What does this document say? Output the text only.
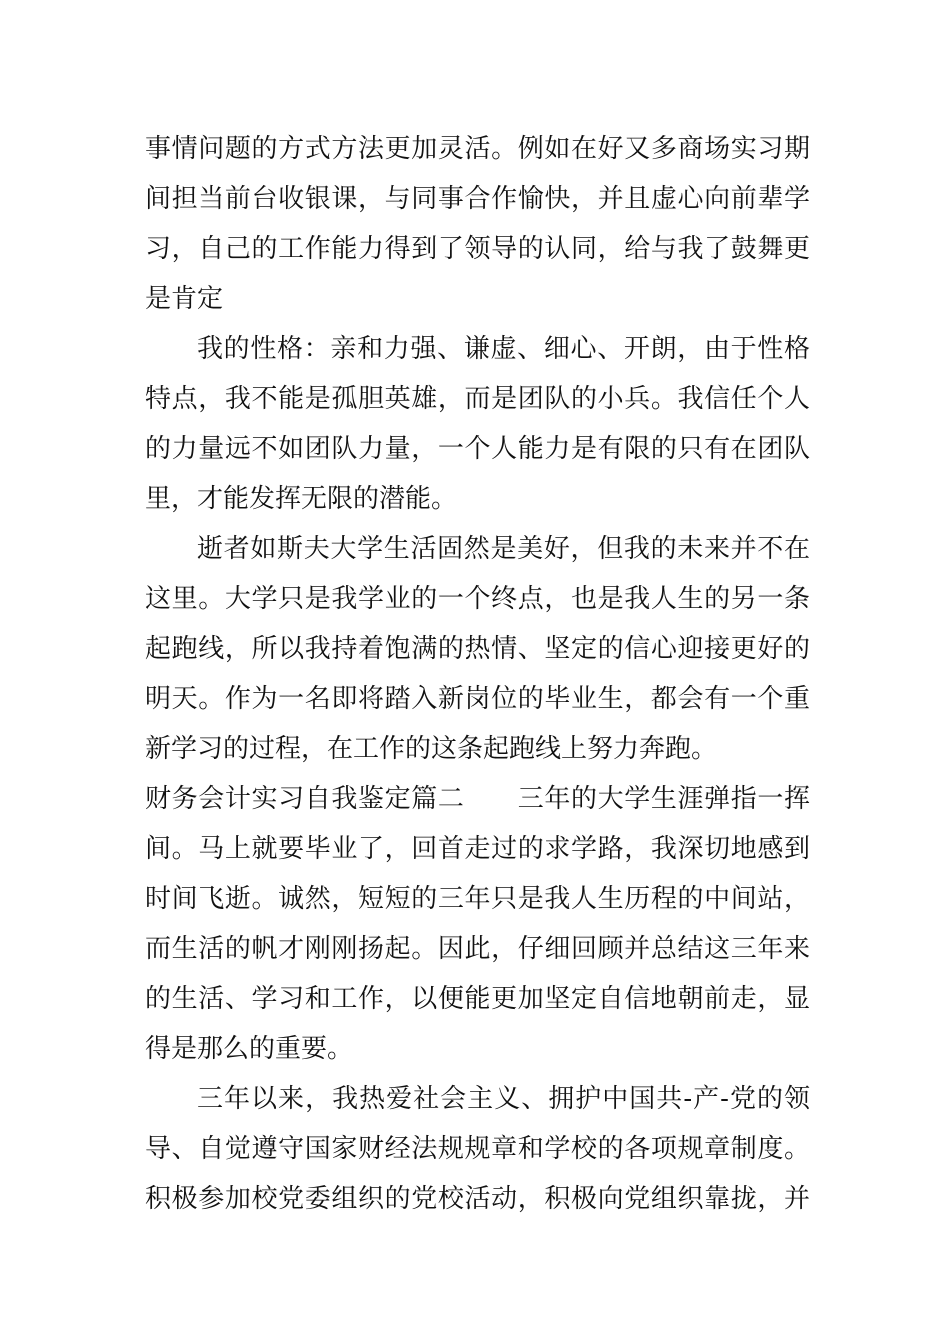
事情问题的方式方法更加灵活。例如在好又多商场实习期
间担当前台收银课，与同事合作愉快，并且虚心向前辈学
习，自己的工作能力得到了领导的认同，给与我了鼓舞更
是肯定
我的性格：亲和力强、谦虚、细心、开朗，由于性格
特点，我不能是孤胆英雄，而是团队的小兵。我信任个人
的力量远不如团队力量，一个人能力是有限的只有在团队
里，才能发挥无限的潜能。
逝者如斯夫大学生活固然是美好，但我的未来并不在
这里。大学只是我学业的一个终点，也是我人生的另一条
起跑线，所以我持着饱满的热情、坚定的信心迎接更好的
明天。作为一名即将踏入新岗位的毕业生，都会有一个重
新学习的过程，在工作的这条起跑线上努力奔跑。
财务会计实习自我鉴定篇二　　三年的大学生涯弹指一挥
间。马上就要毕业了，回首走过的求学路，我深切地感到
时间飞逝。诚然，短短的三年只是我人生历程的中间站，
而生活的帆才刚刚扬起。因此，仔细回顾并总结这三年来
的生活、学习和工作，以便能更加坚定自信地朝前走，显
得是那么的重要。
三年以来，我热爱社会主义、拥护中国共-产-党的领
导、自觉遵守国家财经法规规章和学校的各项规章制度。
积极参加校党委组织的党校活动，积极向党组织靠拢，并
